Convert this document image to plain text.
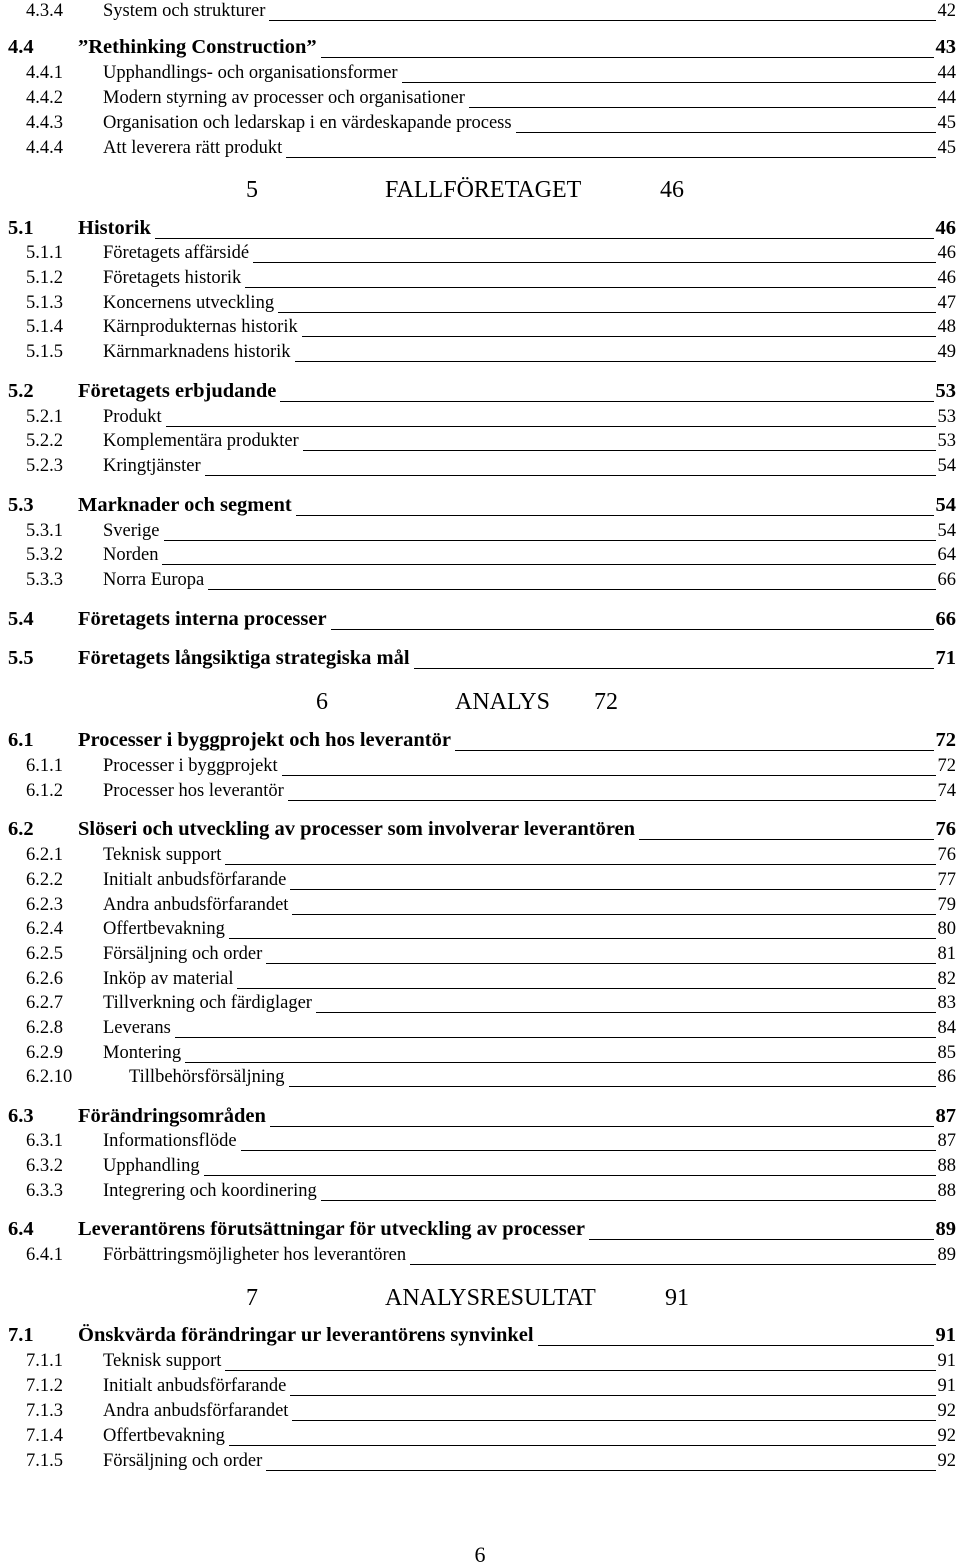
4.3.4 System och strukturer	42
4.4 ”Rethinking Construction”	43
4.4.1 Upphandlings- och organisationsformer	44
4.4.2 Modern styrning av processer och organisationer	44
4.4.3 Organisation och ledarskap i en värdeskapande process	45
4.4.4 Att leverera rätt produkt	45
5	FALLFÖRETAGET	46
5.1 Historik	46
5.1.1 Företagets affärsidé	46
5.1.2 Företagets historik	46
5.1.3 Koncernens utveckling	47
5.1.4 Kärnprodukternas historik	48
5.1.5 Kärnmarknadens historik	49
5.2 Företagets erbjudande	53
5.2.1 Produkt	53
5.2.2 Komplementära produkter	53
5.2.3 Kringtjänster	54
5.3 Marknader och segment	54
5.3.1 Sverige	54
5.3.2 Norden	64
5.3.3 Norra Europa	66
5.4 Företagets interna processer	66
5.5 Företagets långsiktiga strategiska mål	71
6	ANALYS 72
6.1 Processer i byggprojekt och hos leverantör	72
6.1.1 Processer i byggprojekt	72
6.1.2 Processer hos leverantör	74
6.2 Slöseri och utveckling av processer som involverar leverantören	76
6.2.1 Teknisk support	76
6.2.2 Initialt anbudsförfarande	77
6.2.3 Andra anbudsförfarandet	79
6.2.4 Offertbevakning	80
6.2.5 Försäljning och order	81
6.2.6 Inköp av material	82
6.2.7 Tillverkning och färdiglager	83
6.2.8 Leverans	84
6.2.9 Montering	85
6.2.10	Tillbehörsförsäljning	86
6.3 Förändringsområden	87
6.3.1 Informationsflöde	87
6.3.2 Upphandling	88
6.3.3 Integrering och koordinering	88
6.4 Leverantörens förutsättningar för utveckling av processer	89
6.4.1 Förbättringsmöjligheter hos leverantören	89
7	ANALYSRESULTAT	91
7.1 Önskvärda förändringar ur leverantörens synvinkel	91
7.1.1 Teknisk support	91
7.1.2 Initialt anbudsförfarande	91
7.1.3 Andra anbudsförfarandet	92
7.1.4 Offertbevakning	92
7.1.5 Försäljning och order	92
6
